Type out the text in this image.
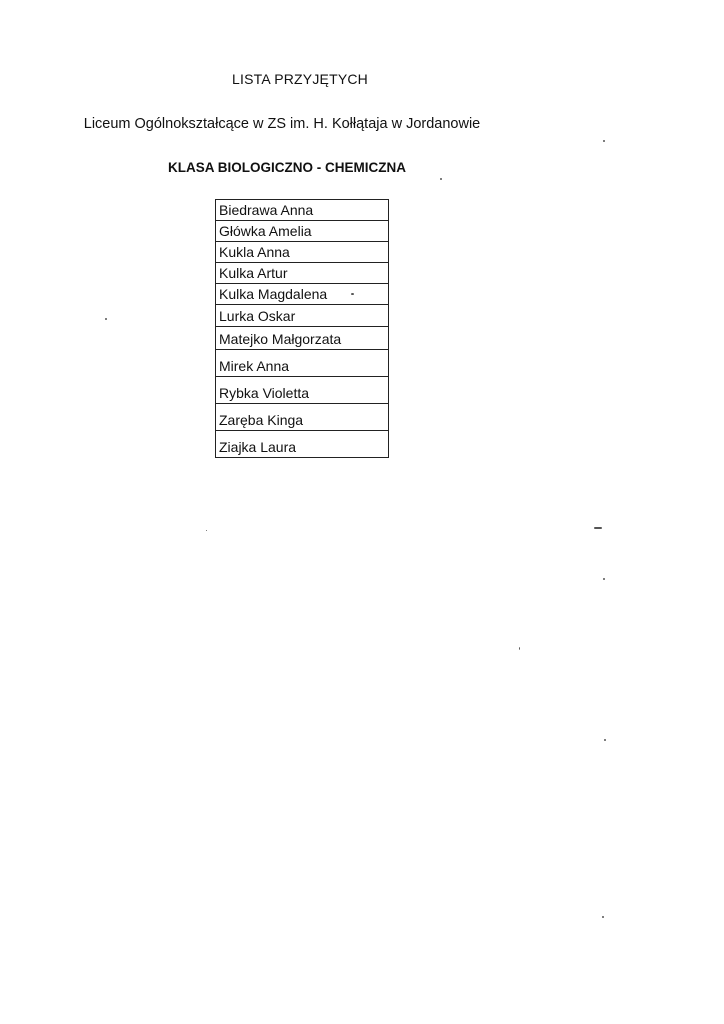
LISTA PRZYJĘTYCH
Liceum Ogólnokształcące w ZS im. H. Kołłątaja w Jordanowie
KLASA BIOLOGICZNO - CHEMICZNA
Biedrawa Anna
Główka Amelia
Kukla Anna
Kulka Artur
Kulka Magdalena
Lurka Oskar
Matejko Małgorzata
Mirek Anna
Rybka Violetta
Zaręba Kinga
Ziajka Laura
